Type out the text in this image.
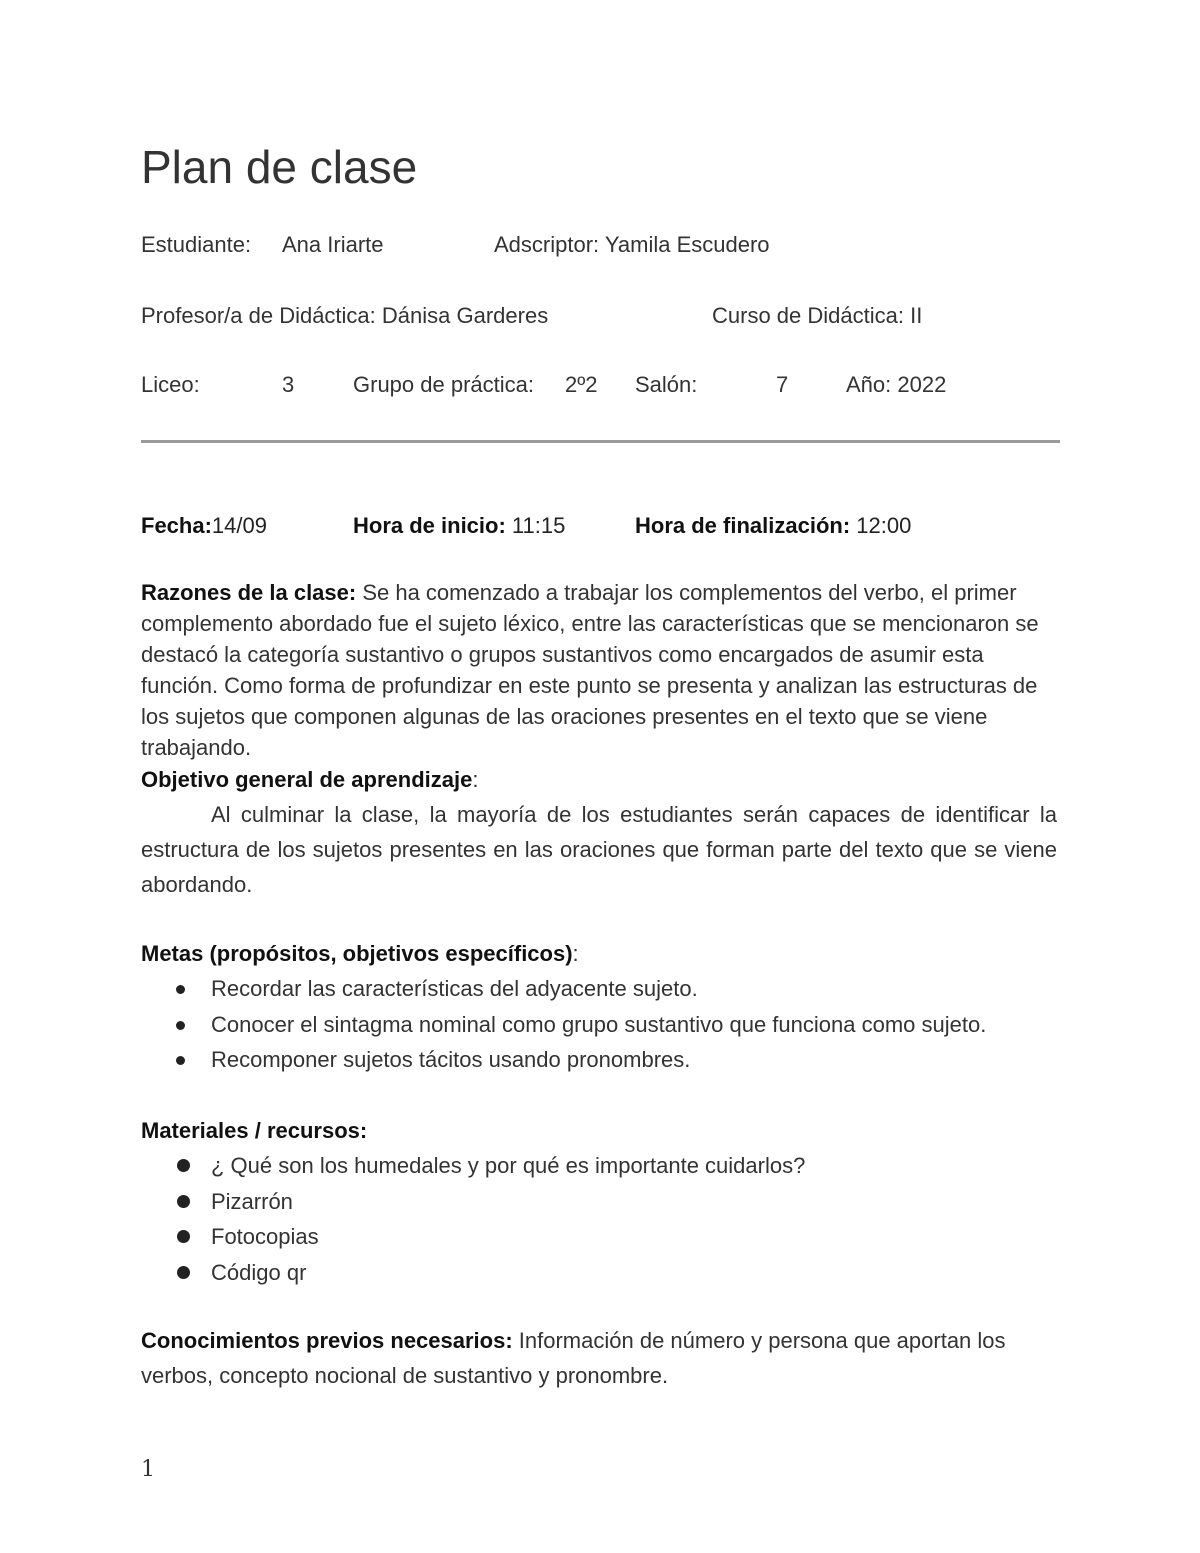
Plan de clase
Estudiante: Ana Iriarte	Adscriptor: Yamila Escudero
Profesor/a de Didáctica: Dánisa Garderes	Curso de Didáctica: II
Liceo:	3	Grupo de práctica: 2º2 Salón:	7	Año: 2022
Fecha:14/09	Hora de inicio: 11:15	Hora de finalización: 12:00
Razones de la clase: Se ha comenzado a trabajar los complementos del verbo, el primer complemento abordado fue el sujeto léxico, entre las características que se mencionaron se destacó la categoría sustantivo o grupos sustantivos como encargados de asumir esta función. Como forma de profundizar en este punto se presenta y analizan las estructuras de los sujetos que componen algunas de las oraciones presentes en el texto que se viene trabajando.
Objetivo general de aprendizaje:
Al culminar la clase, la mayoría de los estudiantes serán capaces de identificar la estructura de los sujetos presentes en las oraciones que forman parte del texto que se viene abordando.
Metas (propósitos, objetivos específicos):
Recordar las características del adyacente sujeto.
Conocer el sintagma nominal como grupo sustantivo que funciona como sujeto.
Recomponer sujetos tácitos usando pronombres.
Materiales / recursos:
¿ Qué son los humedales y por qué es importante cuidarlos?
Pizarrón
Fotocopias
Código qr
Conocimientos previos necesarios: Información de número y persona que aportan los verbos, concepto nocional de sustantivo y pronombre.
1
